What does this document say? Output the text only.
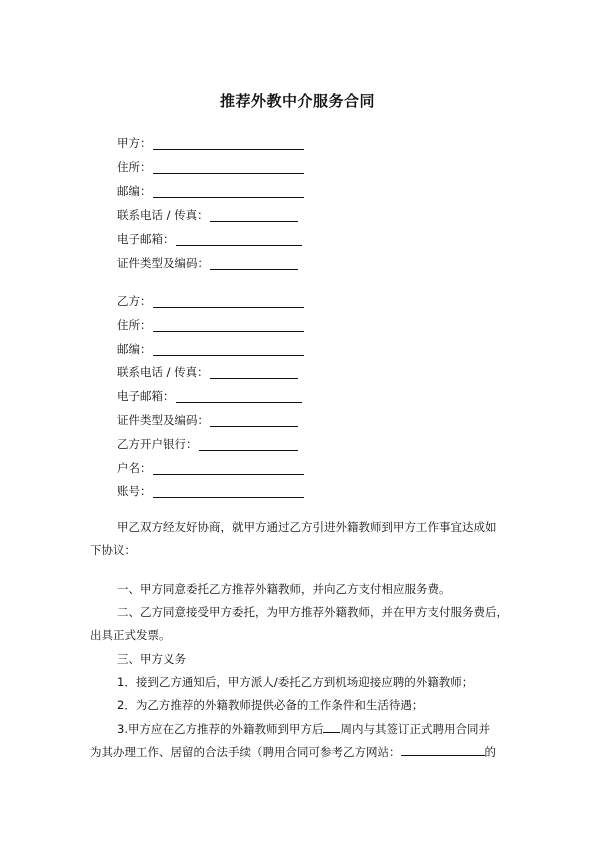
推荐外教中介服务合同
甲方：
住所：
邮编：
联系电话 / 传真：
电子邮箱：
证件类型及编码：
乙方：
住所：
邮编：
联系电话 / 传真：
电子邮箱：
证件类型及编码：
乙方开户银行：
户名：
账号：
甲乙双方经友好协商，就甲方通过乙方引进外籍教师到甲方工作事宜达成如
下协议：
一、甲方同意委托乙方推荐外籍教师，并向乙方支付相应服务费。
二、乙方同意接受甲方委托，为甲方推荐外籍教师，并在甲方支付服务费后，
出具正式发票。
三、甲方义务
1．接到乙方通知后，甲方派人/委托乙方到机场迎接应聘的外籍教师；
2．为乙方推荐的外籍教师提供必备的工作条件和生活待遇；
3.甲方应在乙方推荐的外籍教师到甲方后 周内与其签订正式聘用合同并
为其办理工作、居留的合法手续（聘用合同可参考乙方网站：	的
